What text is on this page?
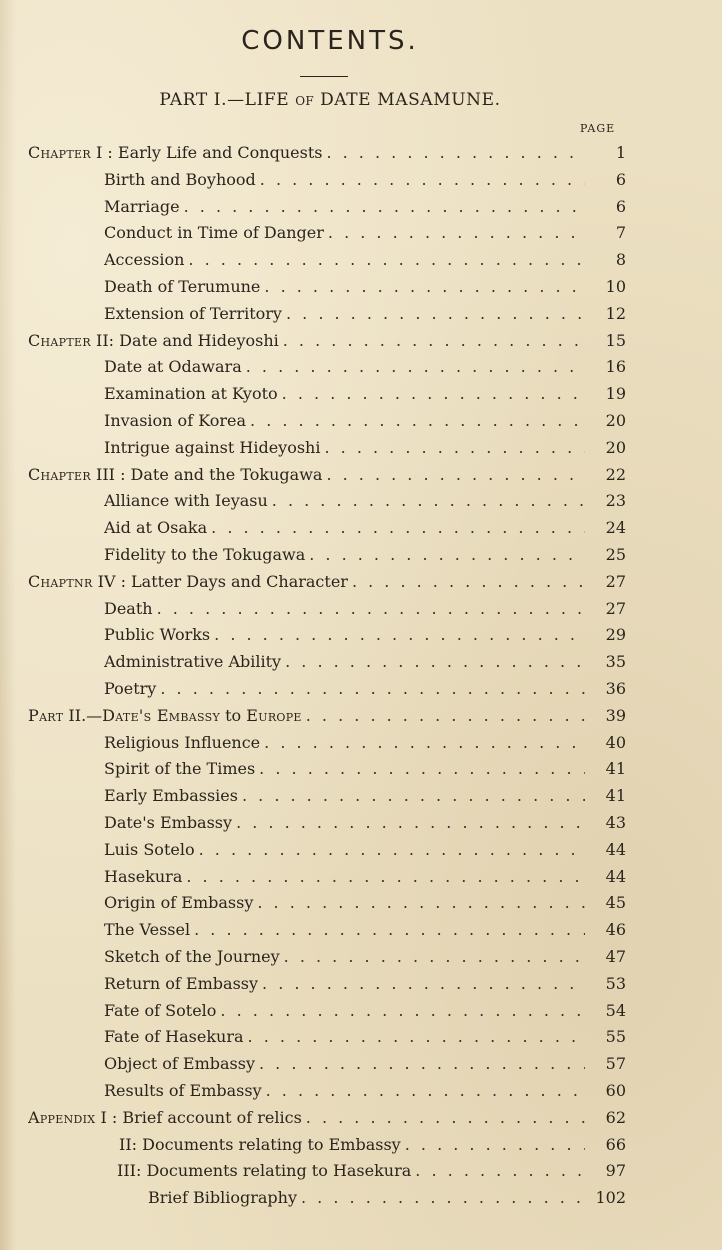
CONTENTS.
PART I.—LIFE of DATE MASAMUNE.
PAGE
Chapter I : Early Life and Conquests . . .	1
Birth and Boyhood . . .	6
Marriage . . .	6
Conduct in Time of Danger . . .	7
Accession . . .	8
Death of Terumune . . .	10
Extension of Territory . . .	12
Chapter II: Date and Hideyoshi . . .	15
Date at Odawara . . .	16
Examination at Kyoto . . .	19
Invasion of Korea . . .	20
Intrigue against Hideyoshi . . .	20
Chapter III : Date and the Tokugawa . . .	22
Alliance with Ieyasu . . .	23
Aid at Osaka . . .	24
Fidelity to the Tokugawa . . .	25
Chaptnr IV : Latter Days and Character . . .	27
Death . . .	27
Public Works . . .	29
Administrative Ability . . .	35
Poetry . . .	36
Part II.—Date's Embassy to Europe . . .	39
Religious Influence . . .	40
Spirit of the Times . . .	41
Early Embassies . . .	41
Date's Embassy . . .	43
Luis Sotelo . . .	44
Hasekura . . .	44
Origin of Embassy . . .	45
The Vessel . . .	46
Sketch of the Journey . . .	47
Return of Embassy . . .	53
Fate of Sotelo . . .	54
Fate of Hasekura . . .	55
Object of Embassy . . .	57
Results of Embassy . . .	60
Appendix I : Brief account of relics . . .	62
II: Documents relating to Embassy . . .	66
III: Documents relating to Hasekura . . .	97
Brief Bibliography . . .	102
